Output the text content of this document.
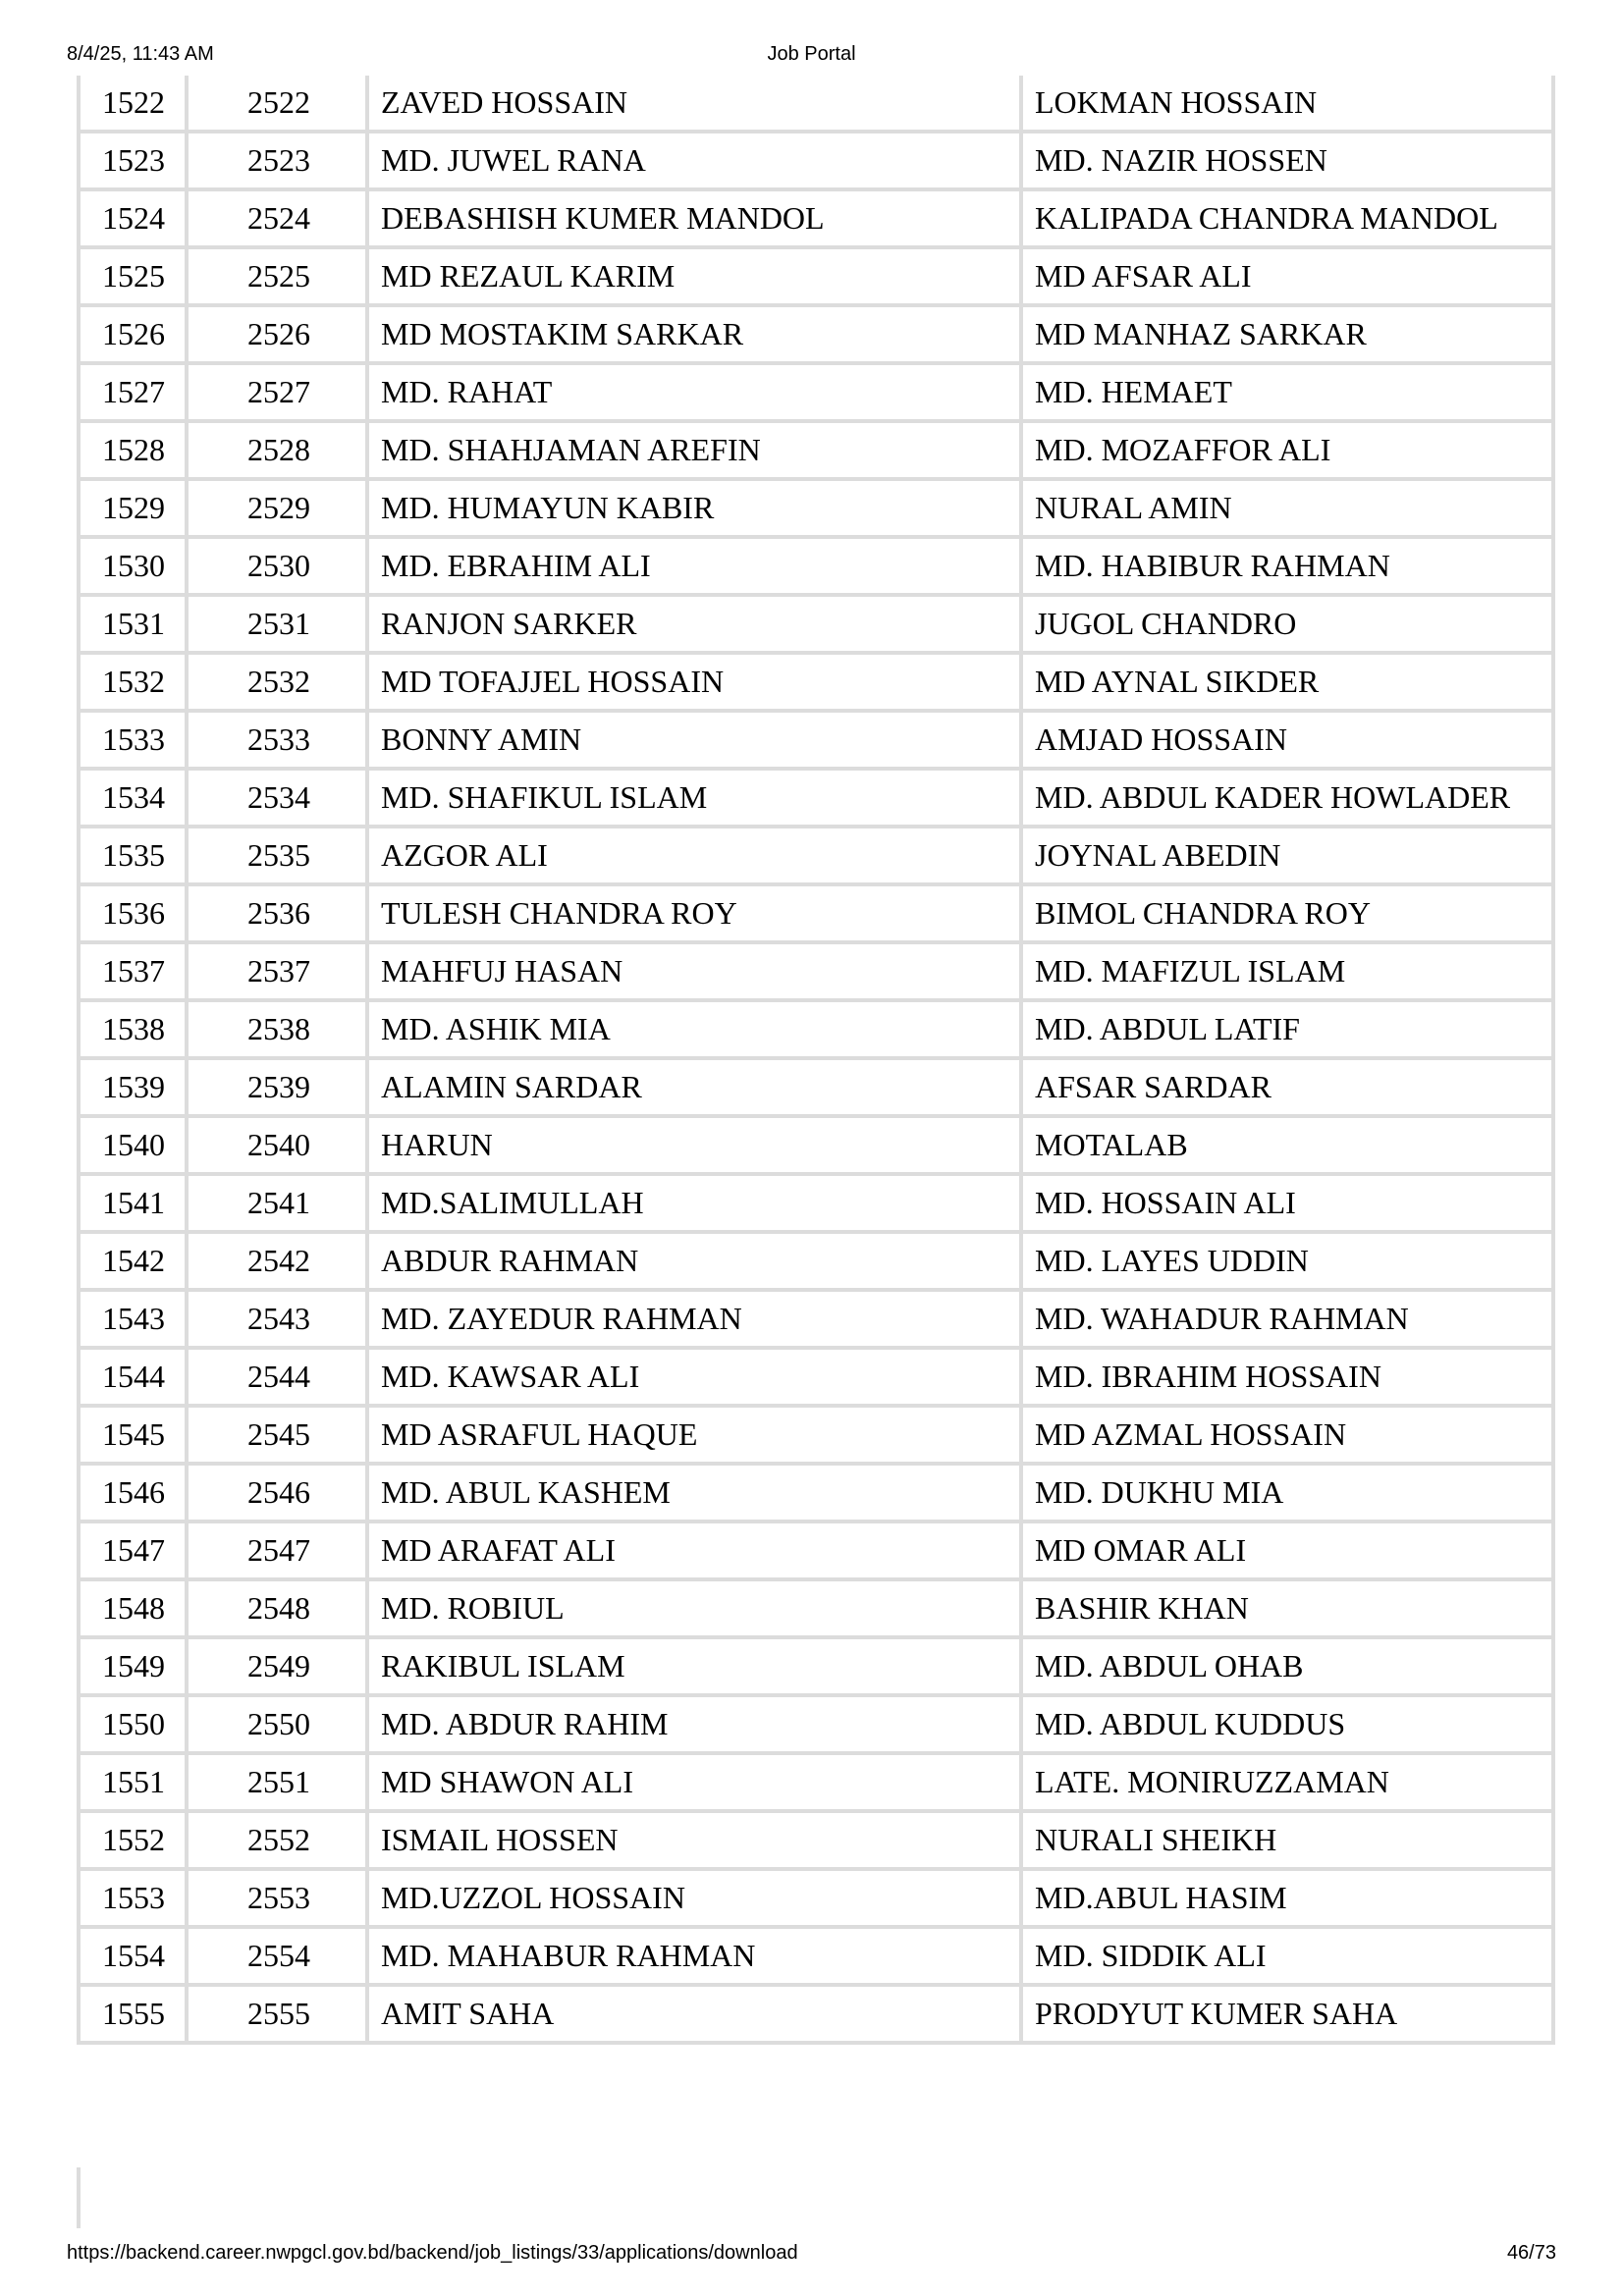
8/4/25, 11:43 AM	Job Portal
1522	2522	ZAVED HOSSAIN	LOKMAN HOSSAIN
1523	2523	MD. JUWEL RANA	MD. NAZIR HOSSEN
1524	2524	DEBASHISH KUMER MANDOL	KALIPADA CHANDRA MANDOL
1525	2525	MD REZAUL KARIM	MD AFSAR ALI
1526	2526	MD MOSTAKIM SARKAR	MD MANHAZ SARKAR
1527	2527	MD. RAHAT	MD. HEMAET
1528	2528	MD. SHAHJAMAN AREFIN	MD. MOZAFFOR ALI
1529	2529	MD. HUMAYUN KABIR	NURAL AMIN
1530	2530	MD. EBRAHIM ALI	MD. HABIBUR RAHMAN
1531	2531	RANJON SARKER	JUGOL CHANDRO
1532	2532	MD TOFAJJEL HOSSAIN	MD AYNAL SIKDER
1533	2533	BONNY AMIN	AMJAD HOSSAIN
1534	2534	MD. SHAFIKUL ISLAM	MD. ABDUL KADER HOWLADER
1535	2535	AZGOR ALI	JOYNAL ABEDIN
1536	2536	TULESH CHANDRA ROY	BIMOL CHANDRA ROY
1537	2537	MAHFUJ HASAN	MD. MAFIZUL ISLAM
1538	2538	MD. ASHIK MIA	MD. ABDUL LATIF
1539	2539	ALAMIN SARDAR	AFSAR SARDAR
1540	2540	HARUN	MOTALAB
1541	2541	MD.SALIMULLAH	MD. HOSSAIN ALI
1542	2542	ABDUR RAHMAN	MD. LAYES UDDIN
1543	2543	MD. ZAYEDUR RAHMAN	MD. WAHADUR RAHMAN
1544	2544	MD. KAWSAR ALI	MD. IBRAHIM HOSSAIN
1545	2545	MD ASRAFUL HAQUE	MD AZMAL HOSSAIN
1546	2546	MD. ABUL KASHEM	MD. DUKHU MIA
1547	2547	MD ARAFAT ALI	MD OMAR ALI
1548	2548	MD. ROBIUL	BASHIR KHAN
1549	2549	RAKIBUL ISLAM	MD. ABDUL OHAB
1550	2550	MD. ABDUR RAHIM	MD. ABDUL KUDDUS
1551	2551	MD SHAWON ALI	LATE. MONIRUZZAMAN
1552	2552	ISMAIL HOSSEN	NURALI SHEIKH
1553	2553	MD.UZZOL HOSSAIN	MD.ABUL HASIM
1554	2554	MD. MAHABUR RAHMAN	MD. SIDDIK ALI
1555	2555	AMIT SAHA	PRODYUT KUMER SAHA
https://backend.career.nwpgcl.gov.bd/backend/job_listings/33/applications/download	46/73
